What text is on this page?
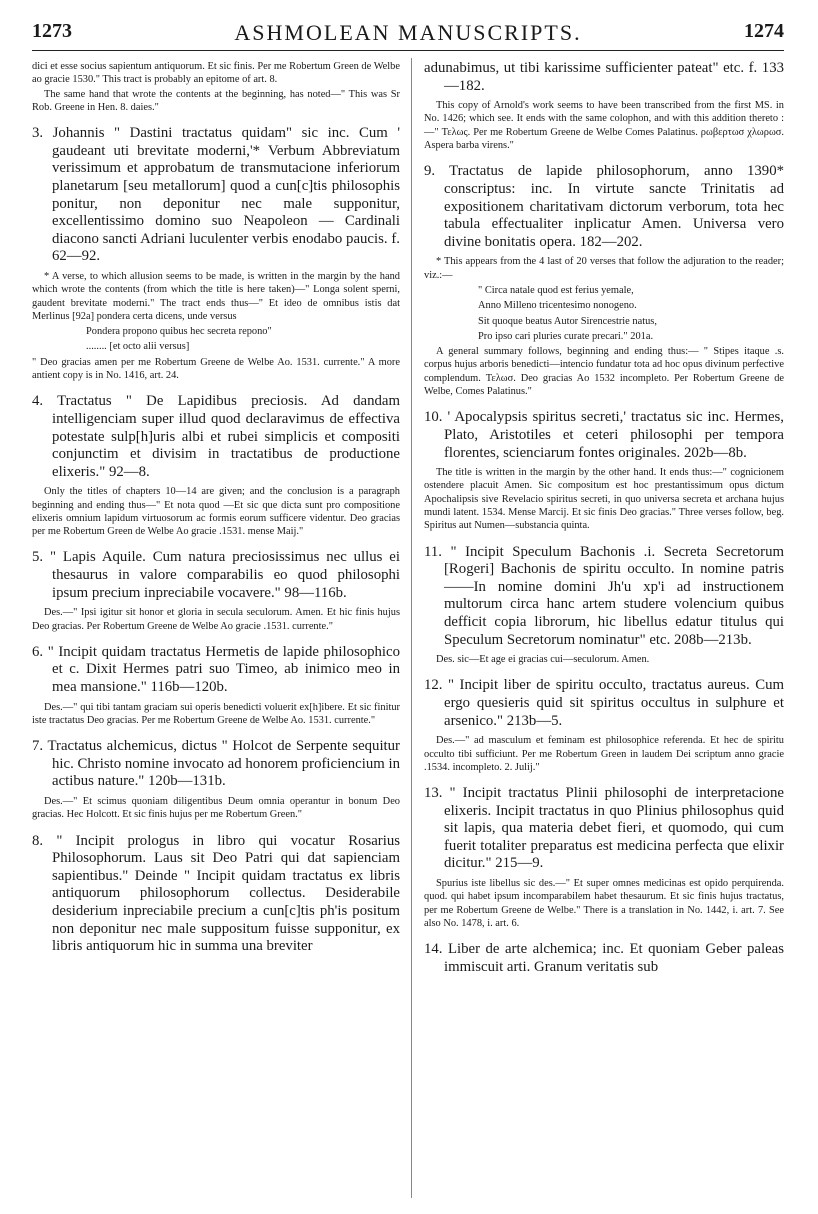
1273	ASHMOLEAN MANUSCRIPTS.	1274

dici et esse socius sapientum antiquorum. Et sic finis. Per me Robertum Green de Welbe ao gracie 1530." This tract is probably an epitome of art. 8.

The same hand that wrote the contents at the beginning, has noted—" This was Sr Rob. Greene in Hen. 8. daies."

3. Johannis " Dastini tractatus quidam" sic inc. Cum ' gaudeant uti brevitate moderni,'* Verbum Abbreviatum verissimum et approbatum de transmutacione inferiorum planetarum [seu metallorum] quod a cun[c]tis philosophis ponitur, non deponitur nec male supponitur, excellentissimo domino suo Neapoleon — Cardinali diacono sancti Adriani luculenter verbis enodabo paucis. f. 62—92.

* A verse, to which allusion seems to be made, is written in the margin by the hand which wrote the contents (from which the title is here taken)—" Longa solent sperni, gaudent brevitate moderni." The tract ends thus—" Et ideo de omnibus istis dat Merlinus [92a] pondera certa dicens, unde versus

Pondera propono quibus hec secreta repono"

........ [et octo alii versus]

" Deo gracias amen per me Robertum Greene de Welbe Ao. 1531. currente." A more antient copy is in No. 1416, art. 24.

4. Tractatus " De Lapidibus preciosis. Ad dandam intelligenciam super illud quod declaravimus de effectiva potestate sulp[h]uris albi et rubei simplicis et compositi conjunctim et divisim in tractatibus de productione elixeris." 92—8.

Only the titles of chapters 10—14 are given; and the conclusion is a paragraph beginning and ending thus—" Et nota quod —Et sic que dicta sunt pro compositione elixeris omnium lapidum virtuosorum ac formis eorum sufficere videntur. Deo gracias per me Robertum Green de Welbe Ao gracie .1531. mense Maij."

5. " Lapis Aquile. Cum natura preciosissimus nec ullus ei thesaurus in valore comparabilis eo quod philosophi ipsum precium inpreciabile vocavere." 98—116b.

Des.—" Ipsi igitur sit honor et gloria in secula seculorum. Amen. Et hic finis hujus Deo gracias. Per Robertum Greene de Welbe Ao gracie .1531. currente."

6. " Incipit quidam tractatus Hermetis de lapide philosophico et c. Dixit Hermes patri suo Timeo, ab inimico meo in mea mansione." 116b—120b.

Des.—" qui tibi tantam graciam sui operis benedicti voluerit ex[h]ibere. Et sic finitur iste tractatus Deo gracias. Per me Robertum Greene de Welbe Ao. 1531. currente."

7. Tractatus alchemicus, dictus " Holcot de Serpente sequitur hic. Christo nomine invocato ad honorem proficiencium in actibus nature." 120b—131b.

Des.—" Et scimus quoniam diligentibus Deum omnia operantur in bonum Deo gracias. Hec Holcott. Et sic finis hujus per me Robertum Green."

8. " Incipit prologus in libro qui vocatur Rosarius Philosophorum. Laus sit Deo Patri qui dat sapienciam sapientibus." Deinde " Incipit quidam tractatus ex libris antiquorum philosophorum collectus. Desiderabile desiderium inpreciabile precium a cun[c]tis ph'is positum non deponitur nec male suppositum fuisse supponitur, ex libris antiquorum hic in summa una breviter

adunabimus, ut tibi karissime sufficienter pateat" etc. f. 133—182.

This copy of Arnold's work seems to have been transcribed from the first MS. in No. 1426; which see. It ends with the same colophon, and with this addition thereto :—" Τελως. Per me Robertum Greene de Welbe Comes Palatinus. ρωβερτωσ χλωρωσ. Aspera barba virens."

9. Tractatus de lapide philosophorum, anno 1390* conscriptus: inc. In virtute sancte Trinitatis ad expositionem charitativam dictorum verborum, tota hec tabula effectualiter inplicatur Amen. Universa vero divine bonitatis opera. 182—202.

* This appears from the 4 last of 20 verses that follow the adjuration to the reader; viz.:—

" Circa natale quod est ferius yemale,

Anno Milleno tricentesimo nonogeno.

Sit quoque beatus Autor Sirencestrie natus,

Pro ipso cari pluries curate precari." 201a.

A general summary follows, beginning and ending thus:— " Stipes itaque .s. corpus hujus arboris benedicti—intencio fundatur tota ad hoc opus divinum perfective complendum. Τελωσ. Deo gracias Ao 1532 incompleto. Per Robertum Greene de Welbe, Comes Palatinus."

10. ' Apocalypsis spiritus secreti,' tractatus sic inc. Hermes, Plato, Aristotiles et ceteri philosophi per tempora florentes, scienciarum fontes originales. 202b—8b.

The title is written in the margin by the other hand. It ends thus:—" cognicionem ostendere placuit Amen. Sic compositum est hoc prestantissimum opus dictum Apochalipsis sive Revelacio spiritus secreti, in quo universa secreta et archana hujus mundi latent. 1534. Mense Marcij. Et sic finis Deo gracias." Three verses follow, beg. Spiritus aut Numen—substancia quinta.

11. " Incipit Speculum Bachonis .i. Secreta Secretorum [Rogeri] Bachonis de spiritu occulto. In nomine patris——In nomine domini Jh'u xp'i ad instructionem multorum circa hanc artem studere volencium quibus defficit copia librorum, hic libellus edatur titulus qui Speculum Secretorum nominatur" etc. 208b—213b.

Des. sic—Et age ei gracias cui—seculorum. Amen.

12. " Incipit liber de spiritu occulto, tractatus aureus. Cum ergo quesieris quid sit spiritus occultus in sulphure et arsenico." 213b—5.

Des.—" ad masculum et feminam est philosophice referenda. Et hec de spiritu occulto tibi sufficiunt. Per me Robertum Green in laudem Dei scriptum anno gracie .1534. incompleto. 2. Julij."

13. " Incipit tractatus Plinii philosophi de interpretacione elixeris. Incipit tractatus in quo Plinius philosophus quid sit lapis, qua materia debet fieri, et quomodo, qui cum fuerit totaliter preparatus est medicina perfecta que elixir dicitur." 215—9.

Spurius iste libellus sic des.—" Et super omnes medicinas est opido perquirenda. quod. qui habet ipsum incomparabilem habet thesaurum. Et sic finis hujus tractatus, per me Robertum Greene de Welbe." There is a translation in No. 1442, i. art. 7. See also No. 1478, i. art. 6.

14. Liber de arte alchemica; inc. Et quoniam Geber paleas immiscuit arti. Granum veritatis sub
